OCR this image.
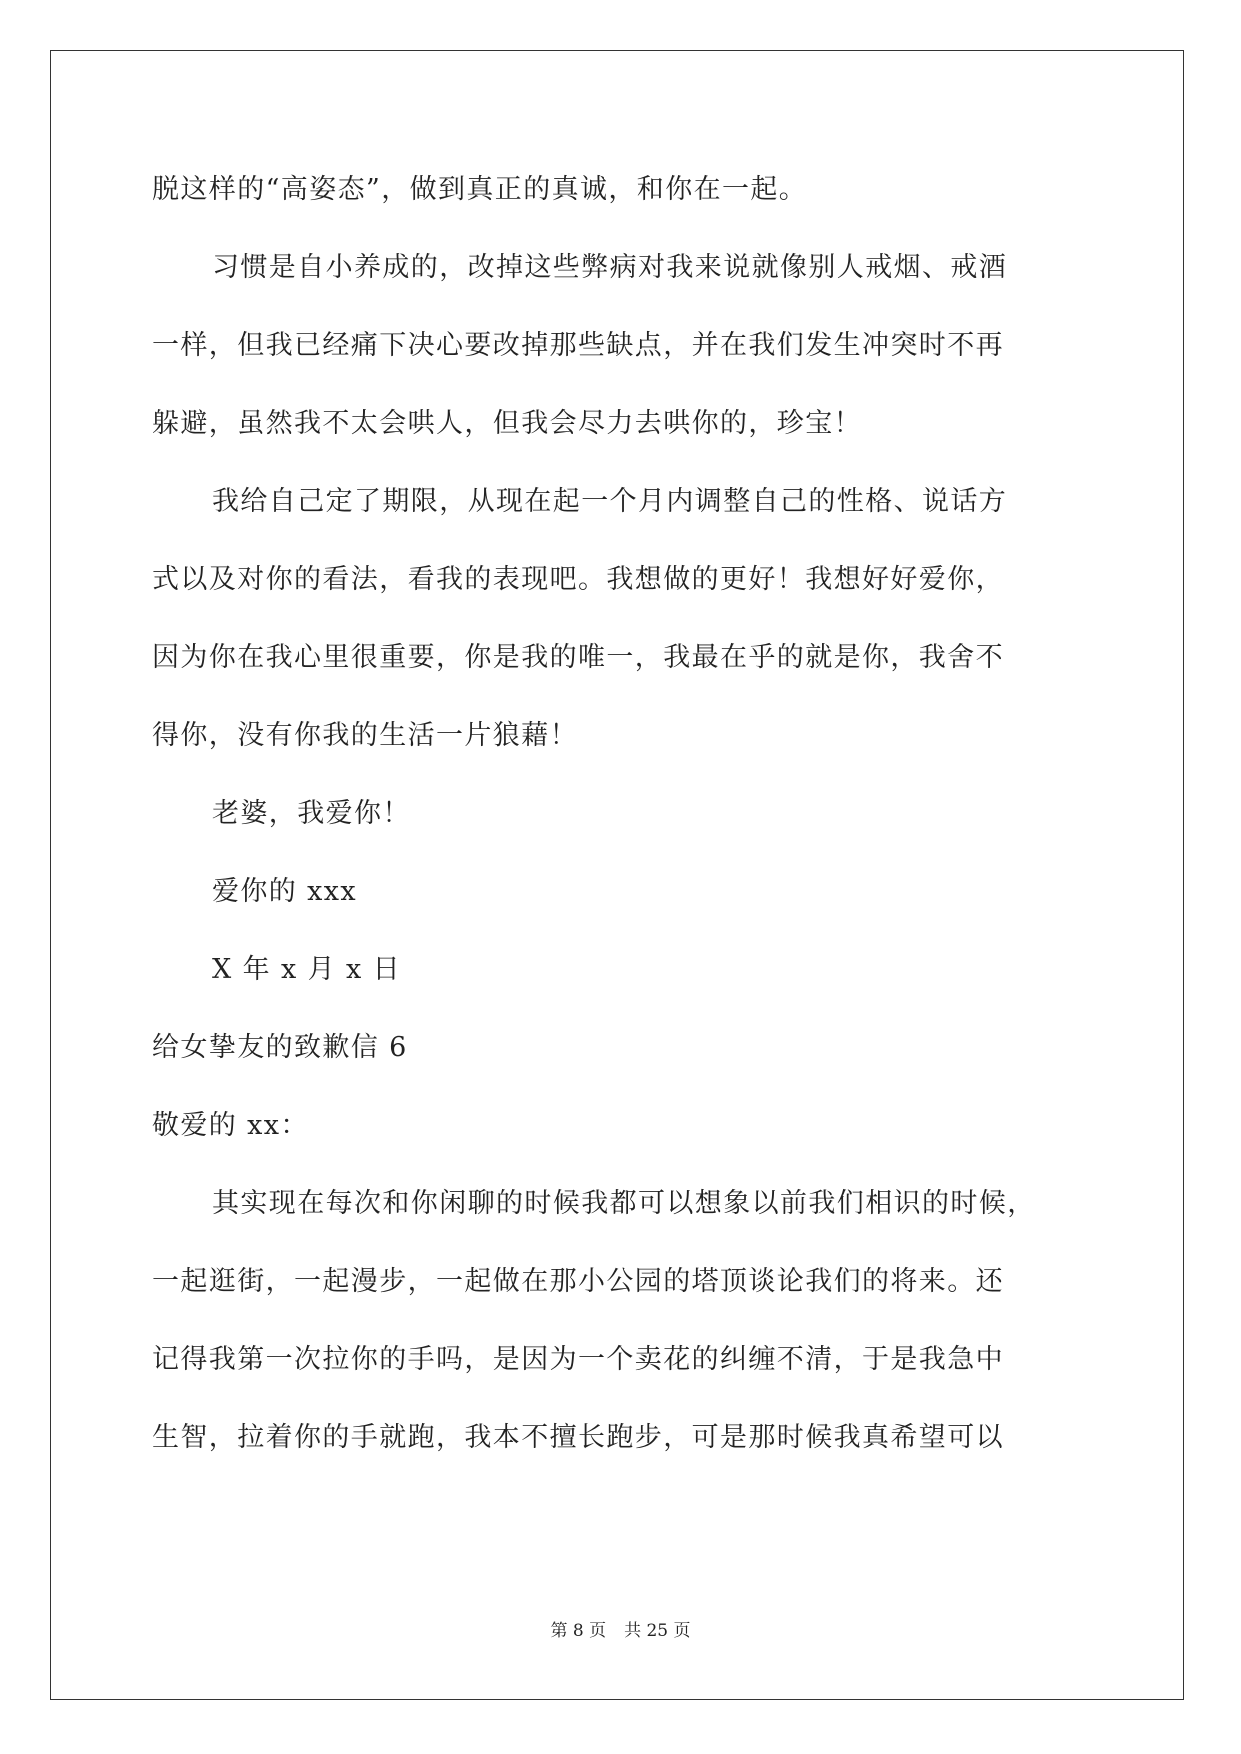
脱这样的“高姿态”，做到真正的真诚，和你在一起。
习惯是自小养成的，改掉这些弊病对我来说就像别人戒烟、戒酒
一样，但我已经痛下决心要改掉那些缺点，并在我们发生冲突时不再
躲避，虽然我不太会哄人，但我会尽力去哄你的，珍宝！
我给自己定了期限，从现在起一个月内调整自己的性格、说话方
式以及对你的看法，看我的表现吧。我想做的更好！我想好好爱你，
因为你在我心里很重要，你是我的唯一，我最在乎的就是你，我舍不
得你，没有你我的生活一片狼藉！
老婆，我爱你！
爱你的 xxx
X 年 x 月 x 日
给女挚友的致歉信 6
敬爱的 xx：
其实现在每次和你闲聊的时候我都可以想象以前我们相识的时候，
一起逛街，一起漫步，一起做在那小公园的塔顶谈论我们的将来。还
记得我第一次拉你的手吗，是因为一个卖花的纠缠不清，于是我急中
生智，拉着你的手就跑，我本不擅长跑步，可是那时候我真希望可以
第 8 页 共 25 页
